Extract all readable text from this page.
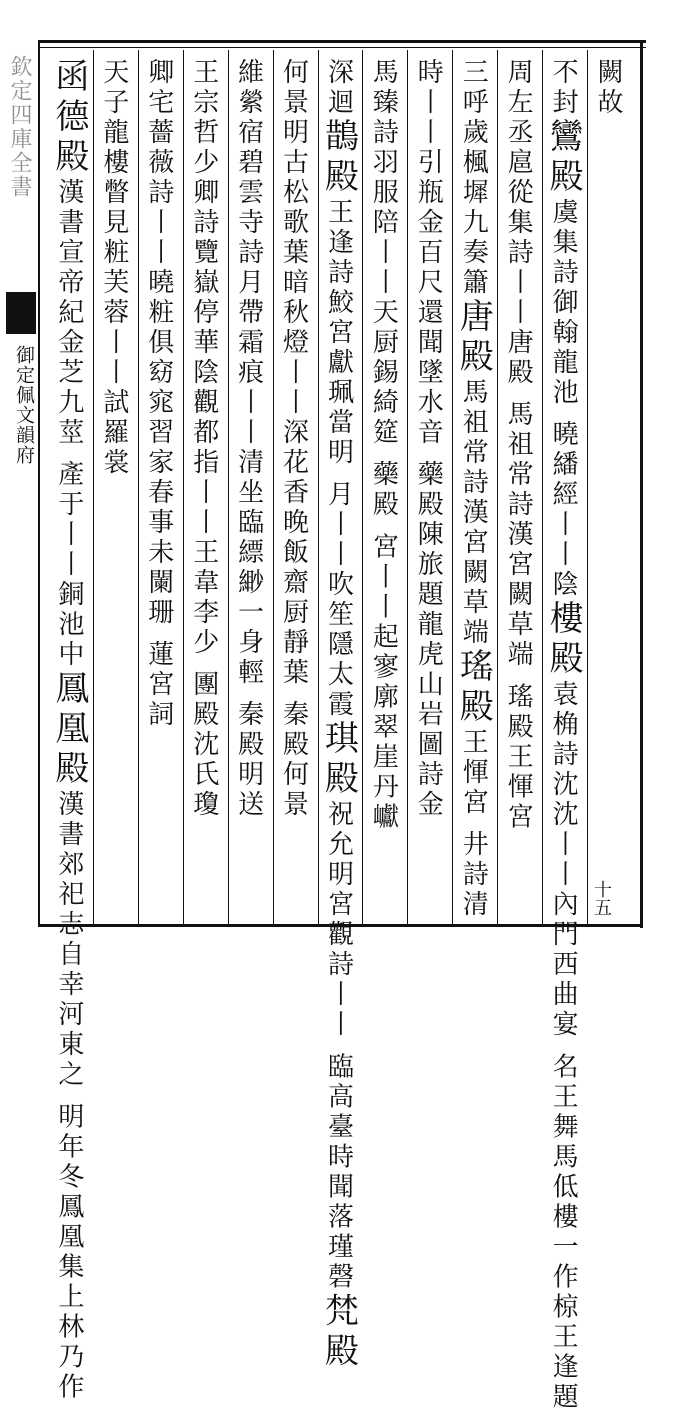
欽定四庫全書
御定佩文韻府
十五
闕故
不封鸞殿虞集詩御翰龍池 曉繙經丨丨陰樓殿袁桷詩沈沈丨丨內門西曲宴 名王舞馬低樓一作椋王逢題
周左丞扈從集詩丨丨唐殿 馬祖常詩漢宮闕草端 瑤殿王惲宮
三呼歲楓墀九奏簫唐殿馬祖常詩漢宮闕草端瑤殿王惲宮 井詩清
時丨丨引瓶金百尺還聞墜水音 藥殿陳旅題龍虎山岩圖詩金
馬臻詩羽服陪丨丨天厨錫綺筵 藥殿 宮丨丨起寥廓翠崖丹巘
深迴鵲殿王逢詩鮫宮獻珮當明 月丨丨吹笙隱太霞琪殿祝允明宮觀詩丨丨 臨高臺時聞落瑾磬梵殿
何景明古松歌葉暗秋燈丨丨深花香晚飯齋厨靜葉 秦殿何景
維縈宿碧雲寺詩月帶霜痕丨丨清坐臨縹緲一身輕 秦殿明送
王宗哲少卿詩覽嶽停華陰觀都指丨丨王韋李少 團殿沈氏瓊
卿宅薔薇詩丨丨曉粧俱窈窕習家春事未闌珊 蓮宮詞
天子龍樓瞥見粧芙蓉丨丨試羅裳
函德殿漢書宣帝紀金芝九莖 產于丨丨銅池中鳳凰殿漢書郊祀志自幸河東之 明年冬鳳凰集上林乃作
